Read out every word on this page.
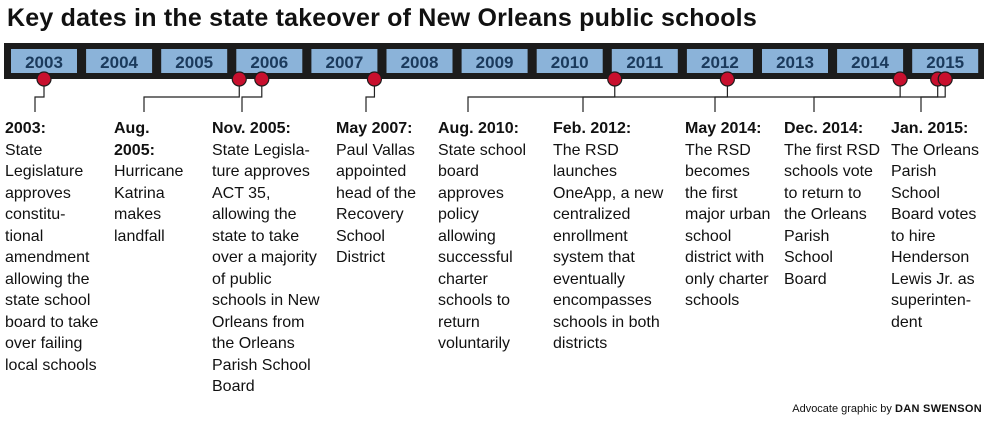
Key dates in the state takeover of New Orleans public schools
2003 2004 2005 2006 2007 2008 2009 2010 2011 2012 2013 2014 2015
2003:
State Legislature approves constitu-tional amendment allowing the state school board to take over failing local schools
Aug. 2005:
Hurricane Katrina makes landfall
Nov. 2005:
State Legisla-ture approves ACT 35, allowing the state to take over a majority of public schools in New Orleans from the Orleans Parish School Board
May 2007:
Paul Vallas appointed head of the Recovery School District
Aug. 2010:
State school board approves policy allowing successful charter schools to return voluntarily
Feb. 2012:
The RSD launches OneApp, a new centralized enrollment system that eventually encompasses schools in both districts
May 2014:
The RSD becomes the first major urban school district with only charter schools
Dec. 2014:
The first RSD schools vote to return to the Orleans Parish School Board
Jan. 2015:
The Orleans Parish School Board votes to hire Henderson Lewis Jr. as superinten-dent
Advocate graphic by DAN SWENSON
